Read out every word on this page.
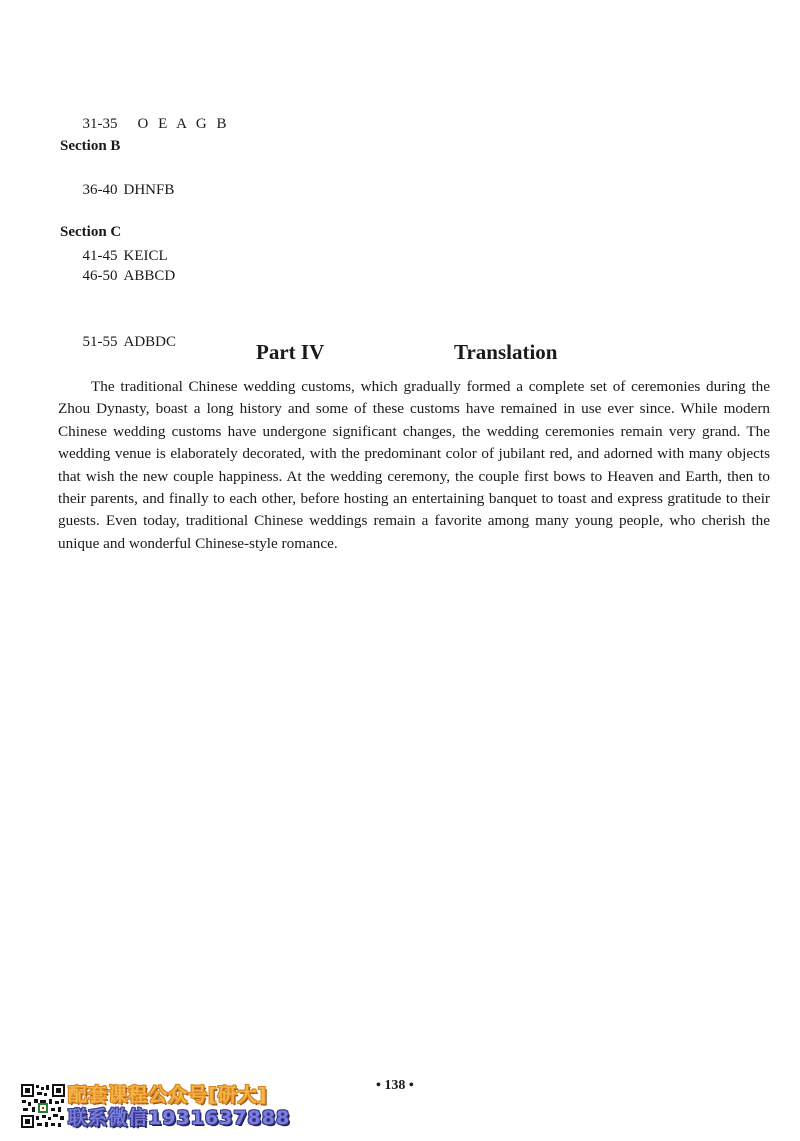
31-35 O E A G B

Section B

36-40 DHNFB

41-45 KEICL

Section C

46-50 ABBCD

51-55 ADBDC
	Part IV	Translation

The traditional Chinese wedding customs, which gradually formed a complete set of ceremonies during the Zhou Dynasty, boast a long history and some of these customs have remained in use ever since. While modern Chinese wedding customs have undergone significant changes, the wedding ceremonies remain very grand. The wedding venue is elaborately decorated, with the predominant color of jubilant red, and adorned with many objects that wish the new couple happiness. At the wedding ceremony, the couple first bows to Heaven and Earth, then to their parents, and finally to each other, before hosting an entertaining banquet to toast and express gratitude to their guests. Even today, traditional Chinese weddings remain a favorite among many young people, who cherish the unique and wonderful Chinese-style romance.

• 138 •
配套课程公众号[研大]
联系微信1931637888
